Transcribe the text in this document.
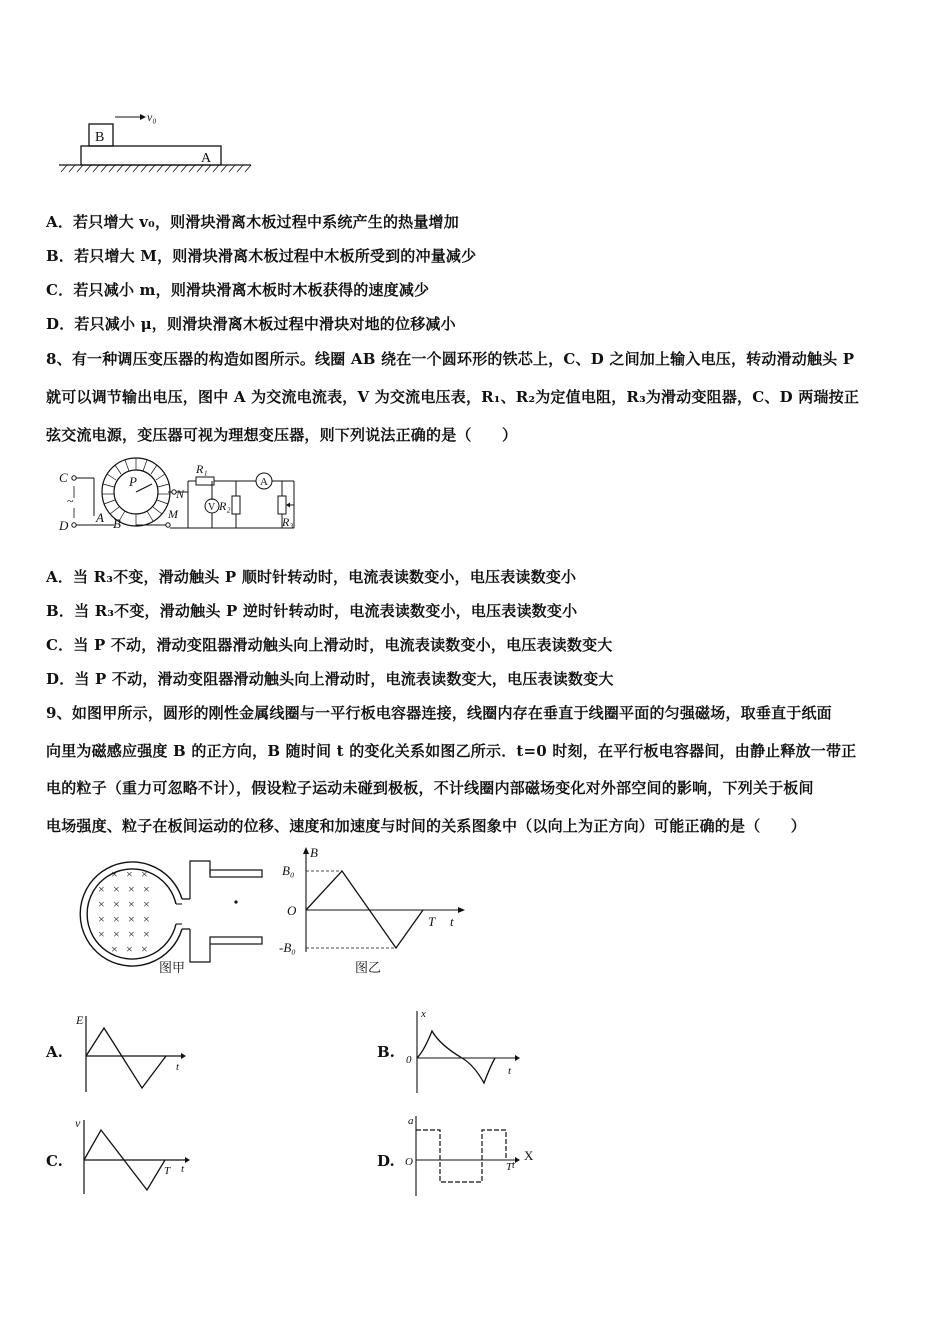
B
A
v₀
A．若只增大 v₀，则滑块滑离木板过程中系统产生的热量增加
B．若只增大 M，则滑块滑离木板过程中木板所受到的冲量减少
C．若只减小 m，则滑块滑离木板时木板获得的速度减少
D．若只减小 μ，则滑块滑离木板过程中滑块对地的位移减小
8、有一种调压变压器的构造如图所示。线圈 AB 绕在一个圆环形的铁芯上，C、D 之间加上输入电压，转动滑动触头 P
就可以调节输出电压，图中 A 为交流电流表，V 为交流电压表，R₁、R₂为定值电阻，R₃为滑动变阻器，C、D 两瑞按正
弦交流电源，变压器可视为理想变压器，则下列说法正确的是（　　）
C
D
~
P
A B
N
R₁
A
V R₂
R₃
M
A．当 R₃不变，滑动触头 P 顺时针转动时，电流表读数变小，电压表读数变小
B．当 R₃不变，滑动触头 P 逆时针转动时，电流表读数变小，电压表读数变小
C．当 P 不动，滑动变阻器滑动触头向上滑动时，电流表读数变小，电压表读数变大
D．当 P 不动，滑动变阻器滑动触头向上滑动时，电流表读数变大，电压表读数变大
9、如图甲所示，圆形的刚性金属线圈与一平行板电容器连接，线圈内存在垂直于线圈平面的匀强磁场，取垂直于纸面
向里为磁感应强度 B 的正方向，B 随时间 t 的变化关系如图乙所示．t=0 时刻，在平行板电容器间，由静止释放一带正
电的粒子（重力可忽略不计），假设粒子运动未碰到极板，不计线圈内部磁场变化对外部空间的影响，下列关于板间
电场强度、粒子在板间运动的位移、速度和加速度与时间的关系图象中（以向上为正方向）可能正确的是（　　）
× × ×
× × × ×
× × × ×
× × × ×
× × × ×
× × ×
图甲
B
B₀
O
-B₀
T t
图乙
A.
E
t
B.
x
0
t
C.
v
T t	D.
a
O	T t
X
